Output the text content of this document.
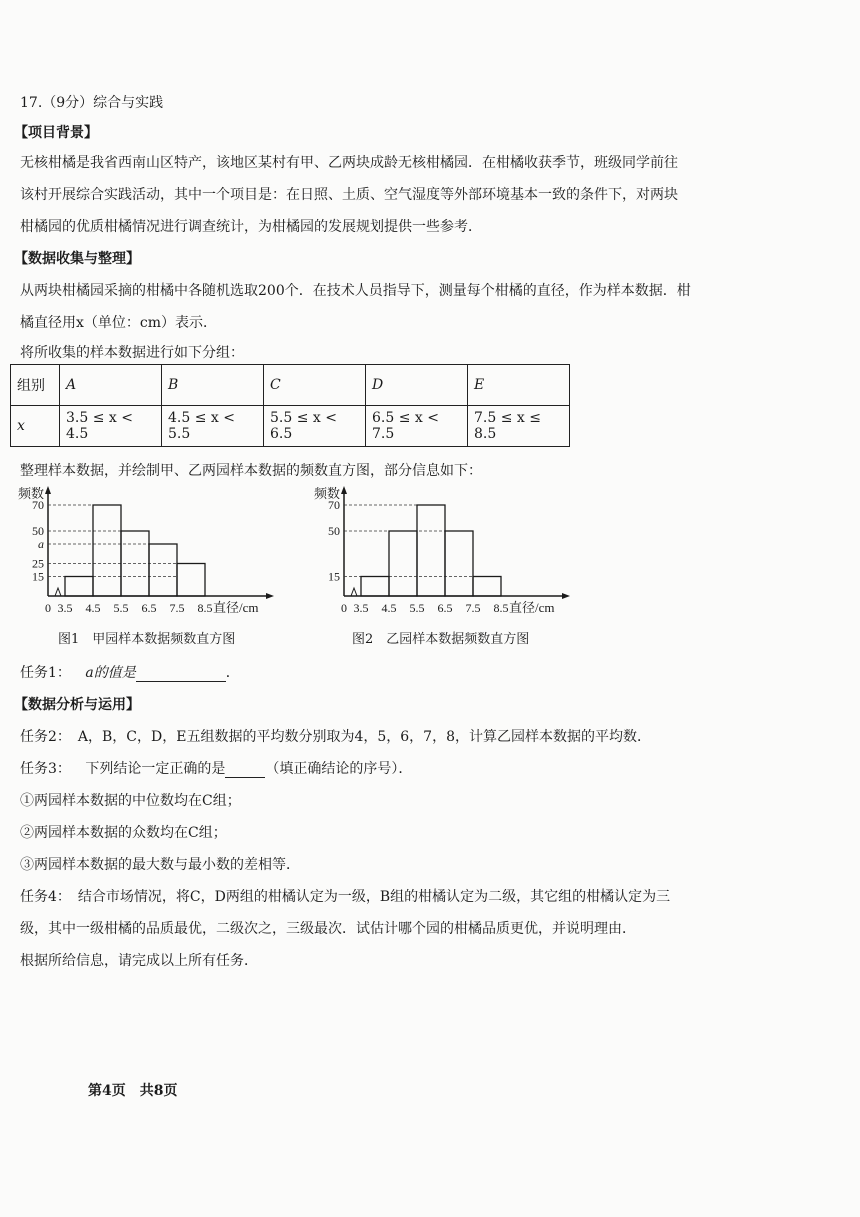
17.（9分）综合与实践
【项目背景】
无核柑橘是我省西南山区特产，该地区某村有甲、乙两块成龄无核柑橘园．在柑橘收获季节，班级同学前往
该村开展综合实践活动，其中一个项目是：在日照、土质、空气湿度等外部环境基本一致的条件下，对两块
柑橘园的优质柑橘情况进行调查统计，为柑橘园的发展规划提供一些参考．
【数据收集与整理】
从两块柑橘园采摘的柑橘中各随机选取200个．在技术人员指导下，测量每个柑橘的直径，作为样本数据．柑
橘直径用x（单位：cm）表示．
将所收集的样本数据进行如下分组：
组别	A	B	C	D	E
x	3.5 ≤ x < 4.5	4.5 ≤ x < 5.5	5.5 ≤ x < 6.5	6.5 ≤ x < 7.5	7.5 ≤ x ≤ 8.5
整理样本数据，并绘制甲、乙两园样本数据的频数直方图，部分信息如下：
频数
15
25
a
50
70
0 3.5 4.5 5.5 6.5 7.5 8.5 直径/cm
图1　甲园样本数据频数直方图
频数
15
50
70
0 3.5 4.5 5.5 6.5 7.5 8.5 直径/cm
图2　乙园样本数据频数直方图
任务1： a的值是	．
【数据分析与运用】
任务2：　A，B，C，D，E五组数据的平均数分别取为4，5，6，7，8，计算乙园样本数据的平均数．
任务3： 下列结论一定正确的是	（填正确结论的序号）．
①两园样本数据的中位数均在C组；
②两园样本数据的众数均在C组；
③两园样本数据的最大数与最小数的差相等．
任务4：　结合市场情况，将C，D两组的柑橘认定为一级，B组的柑橘认定为二级，其它组的柑橘认定为三
级，其中一级柑橘的品质最优，二级次之，三级最次．试估计哪个园的柑橘品质更优，并说明理由．
根据所给信息，请完成以上所有任务．
第4页　共8页
